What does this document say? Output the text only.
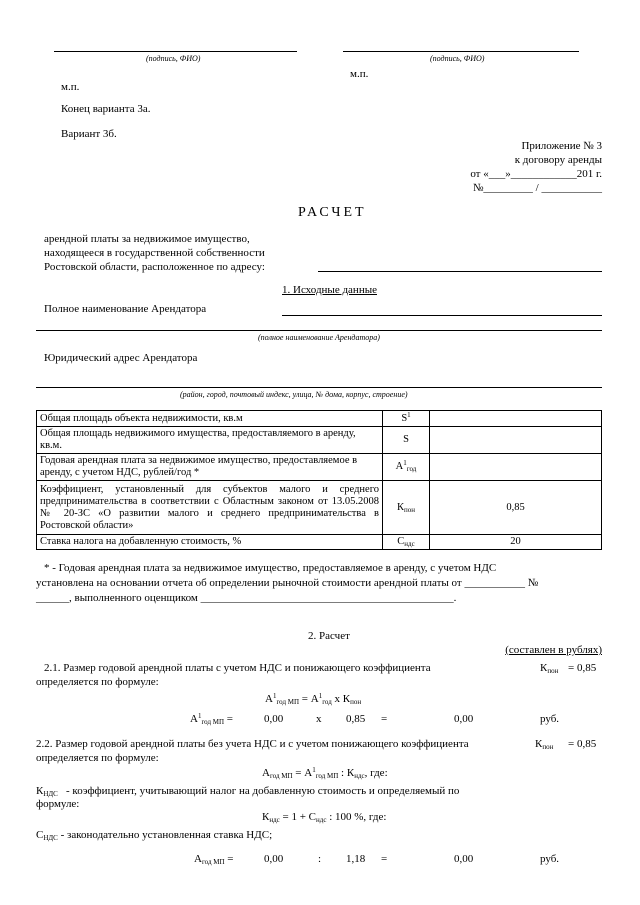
(подпись, ФИО)	(подпись, ФИО)
м.п.
м.п.
Конец варианта 3а.
Вариант 3б.
Приложение № 3
к договору аренды
от «___»____________201 г.
№_________ / ___________
РАСЧЕТ
арендной платы за недвижимое имущество,
находящееся в государственной собственности
Ростовской области, расположенное по адресу:
1. Исходные данные
Полное наименование Арендатора
(полное наименование Арендатора)
Юридический адрес Арендатора
(район, город, почтовый индекс, улица, № дома, корпус, строение)
Общая площадь объекта недвижимости, кв.м	$S^1$	
Общая площадь недвижимого имущества, предоставляемого в аренду, кв.м.	S	
Годовая арендная плата за недвижимое имущество, предоставляемое в аренду, с учетом НДС, рублей/год *	$А^1год$	
Коэффициент, установленный для субъектов малого и среднего предпринимательства в соответствии с Областным законом от 13.05.2008 № 20-ЗС «О развитии малого и среднего предпринимательства в Ростовской области»	Кпон	0,85
Ставка налога на добавленную стоимость, %	Сндс	20
* - Годовая арендная плата за недвижимое имущество, предоставляемое в аренду, с учетом НДС
установлена на основании отчета об определении рыночной стоимости арендной платы от ___________ №
______, выполненного оценщиком ______________________________________________.
2. Расчет
(составлен в рублях)
2.1. Размер годовой арендной платы с учетом НДС и понижающего коэффициента	Кпон = 0,85
определяется по формуле:
$А^1год$ МП = $А^1год$ х Кпон
$А^1год$ МП =	0,00	х 0,85 =	0,00	руб.
2.2. Размер годовой арендной платы без учета НДС и с учетом понижающего коэффициента	Кпон = 0,85
определяется по формуле:
Агод МП = $А^1год$ МП : Кндс, где:
КНДС - коэффициент, учитывающий налог на добавленную стоимость и определяемый по
формуле:
Кндс = 1 + Сндс : 100 %, где:
СНДС - законодательно установленная ставка НДС;
Агод МП =	0,00	: 1,18 =	0,00	руб.
